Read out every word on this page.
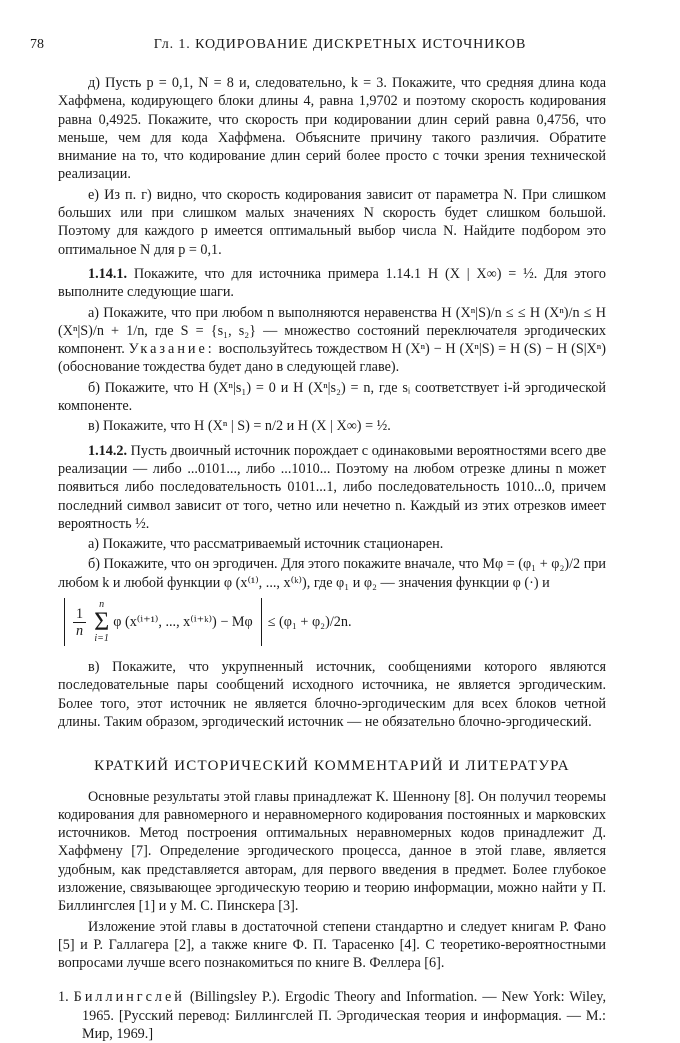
78	Гл. 1. КОДИРОВАНИЕ ДИСКРЕТНЫХ ИСТОЧНИКОВ

д) Пусть p = 0,1, N = 8 и, следовательно, k = 3. Покажите, что средняя длина кода Хаффмена, кодирующего блоки длины 4, равна 1,9702 и поэтому скорость кодирования равна 0,4925. Покажите, что скорость при кодировании длин серий равна 0,4756, что меньше, чем для кода Хаффмена. Объясните причину такого различия. Обратите внимание на то, что кодирование длин серий более просто с точки зрения технической реализации.

е) Из п. г) видно, что скорость кодирования зависит от параметра N. При слишком больших или при слишком малых значениях N скорость будет слишком большой. Поэтому для каждого p имеется оптимальный выбор числа N. Найдите подбором это оптимальное N для p = 0,1.

1.14.1. Покажите, что для источника примера 1.14.1 H (X | X∞) = ½. Для этого выполните следующие шаги.

а) Покажите, что при любом n выполняются неравенства H (Xⁿ|S)/n ≤ ≤ H (Xⁿ)/n ≤ H (Xⁿ|S)/n + 1/n, где S = {s₁, s₂} — множество состояний переключателя эргодических компонент. Указание: воспользуйтесь тождеством H (Xⁿ) − H (Xⁿ|S) = H (S) − H (S|Xⁿ) (обоснование тождества будет дано в следующей главе).

б) Покажите, что H (Xⁿ|s₁) = 0 и H (Xⁿ|s₂) = n, где sᵢ соответствует i-й эргодической компоненте.

в) Покажите, что H (Xⁿ | S) = n/2 и H (X | X∞) = ½.

1.14.2. Пусть двоичный источник порождает с одинаковыми вероятностями всего две реализации — либо ...0101..., либо ...1010... Поэтому на любом отрезке длины n может появиться либо последовательность 0101...1, либо последовательность 1010...0, причем последний символ зависит от того, четно или нечетно n. Каждый из этих отрезков имеет вероятность ½.

а) Покажите, что рассматриваемый источник стационарен.

б) Покажите, что он эргодичен. Для этого покажите вначале, что Mφ = (φ₁ + φ₂)/2 при любом k и любой функции φ (x⁽¹⁾, ..., x⁽ᵏ⁾), где φ₁ и φ₂ — значения функции φ (·) и

$\frac{1}{n}$
n
Σ
i=1
φ (x⁽ⁱ⁺¹⁾, ..., x⁽ⁱ⁺ᵏ⁾) − Mφ ≤ (φ₁ + φ₂)/2n.

в) Покажите, что укрупненный источник, сообщениями которого являются последовательные пары сообщений исходного источника, не является эргодическим. Более того, этот источник не является блочно-эргодическим для всех блоков четной длины. Таким образом, эргодический источник — не обязательно блочно-эргодический.

КРАТКИЙ ИСТОРИЧЕСКИЙ КОММЕНТАРИЙ И ЛИТЕРАТУРА

Основные результаты этой главы принадлежат К. Шеннону [8]. Он получил теоремы кодирования для равномерного и неравномерного кодирования постоянных и марковских источников. Метод построения оптимальных неравномерных кодов принадлежит Д. Хаффмену [7]. Определение эргодического процесса, данное в этой главе, является удобным, как представляется авторам, для первого введения в предмет. Более глубокое изложение, связывающее эргодическую теорию и теорию информации, можно найти у П. Биллингслея [1] и у М. С. Пинскера [3].

Изложение этой главы в достаточной степени стандартно и следует книгам Р. Фано [5] и Р. Галлагера [2], а также книге Ф. П. Тарасенко [4]. С теоретико-вероятностными вопросами лучше всего познакомиться по книге В. Феллера [6].

1. Биллингслей (Billingsley P.). Ergodic Theory and Information. — New York: Wiley, 1965. [Русский перевод: Биллингслей П. Эргодическая теория и информация. — М.: Мир, 1969.]
